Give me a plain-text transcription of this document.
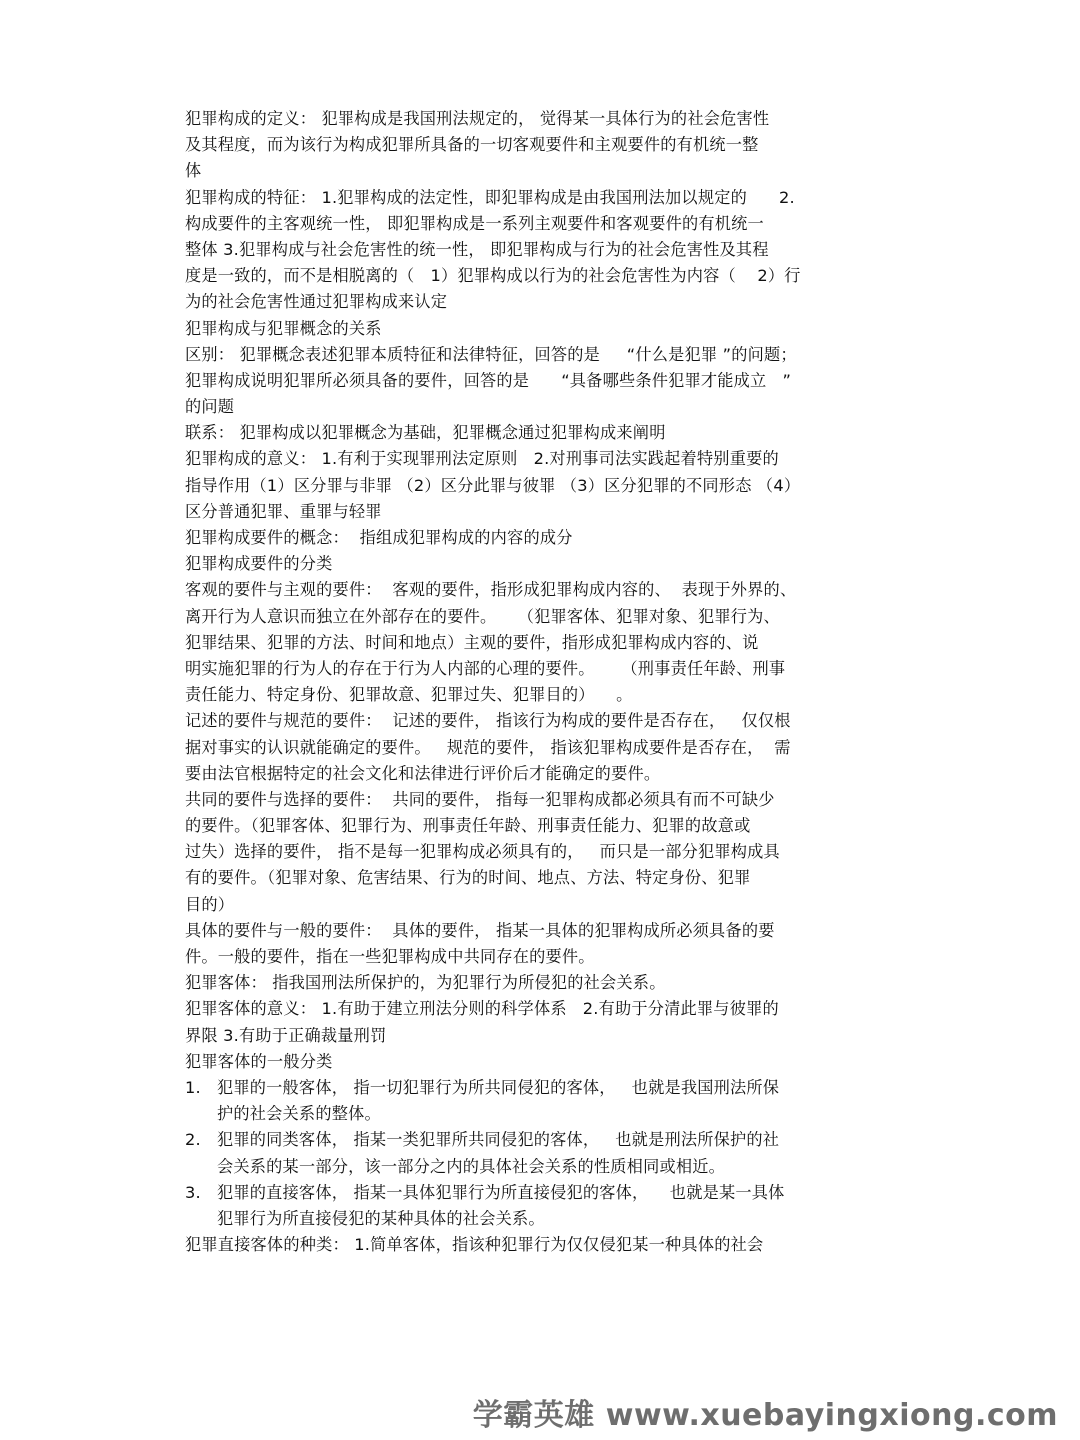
犯罪构成的定义： 犯罪构成是我国刑法规定的， 觉得某一具体行为的社会危害性
及其程度，而为该行为构成犯罪所具备的一切客观要件和主观要件的有机统一整
体
犯罪构成的特征： 1.犯罪构成的法定性，即犯罪构成是由我国刑法加以规定的      2.
构成要件的主客观统一性， 即犯罪构成是一系列主观要件和客观要件的有机统一
整体 3.犯罪构成与社会危害性的统一性， 即犯罪构成与行为的社会危害性及其程
度是一致的，而不是相脱离的（   1）犯罪构成以行为的社会危害性为内容（    2）行
为的社会危害性通过犯罪构成来认定
犯罪构成与犯罪概念的关系
区别： 犯罪概念表述犯罪本质特征和法律特征，回答的是     “什么是犯罪 ”的问题；
犯罪构成说明犯罪所必须具备的要件，回答的是      “具备哪些条件犯罪才能成立   ”
的问题
联系： 犯罪构成以犯罪概念为基础，犯罪概念通过犯罪构成来阐明
犯罪构成的意义： 1.有利于实现罪刑法定原则   2.对刑事司法实践起着特别重要的
指导作用（1）区分罪与非罪 （2）区分此罪与彼罪 （3）区分犯罪的不同形态 （4）
区分普通犯罪、重罪与轻罪
犯罪构成要件的概念：  指组成犯罪构成的内容的成分
犯罪构成要件的分类
客观的要件与主观的要件：  客观的要件，指形成犯罪构成内容的、  表现于外界的、
离开行为人意识而独立在外部存在的要件。    （犯罪客体、犯罪对象、犯罪行为、
犯罪结果、犯罪的方法、时间和地点）主观的要件，指形成犯罪构成内容的、说
明实施犯罪的行为人的存在于行为人内部的心理的要件。     （刑事责任年龄、刑事
责任能力、特定身份、犯罪故意、犯罪过失、犯罪目的）    。
记述的要件与规范的要件：  记述的要件， 指该行为构成的要件是否存在，   仅仅根
据对事实的认识就能确定的要件。   规范的要件， 指该犯罪构成要件是否存在，  需
要由法官根据特定的社会文化和法律进行评价后才能确定的要件。
共同的要件与选择的要件：  共同的要件， 指每一犯罪构成都必须具有而不可缺少
的要件。（犯罪客体、犯罪行为、刑事责任年龄、刑事责任能力、犯罪的故意或
过失）选择的要件， 指不是每一犯罪构成必须具有的，   而只是一部分犯罪构成具
有的要件。（犯罪对象、危害结果、行为的时间、地点、方法、特定身份、犯罪
目的）
具体的要件与一般的要件：  具体的要件， 指某一具体的犯罪构成所必须具备的要
件。一般的要件，指在一些犯罪构成中共同存在的要件。
犯罪客体： 指我国刑法所保护的，为犯罪行为所侵犯的社会关系。
犯罪客体的意义： 1.有助于建立刑法分则的科学体系   2.有助于分清此罪与彼罪的
界限 3.有助于正确裁量刑罚
犯罪客体的一般分类
1. 犯罪的一般客体， 指一切犯罪行为所共同侵犯的客体，   也就是我国刑法所保
护的社会关系的整体。
2. 犯罪的同类客体， 指某一类犯罪所共同侵犯的客体，   也就是刑法所保护的社
会关系的某一部分，该一部分之内的具体社会关系的性质相同或相近。
3. 犯罪的直接客体， 指某一具体犯罪行为所直接侵犯的客体，    也就是某一具体
犯罪行为所直接侵犯的某种具体的社会关系。
犯罪直接客体的种类： 1.简单客体，指该种犯罪行为仅仅侵犯某一种具体的社会
学霸英雄 www.xuebayingxiong.com
